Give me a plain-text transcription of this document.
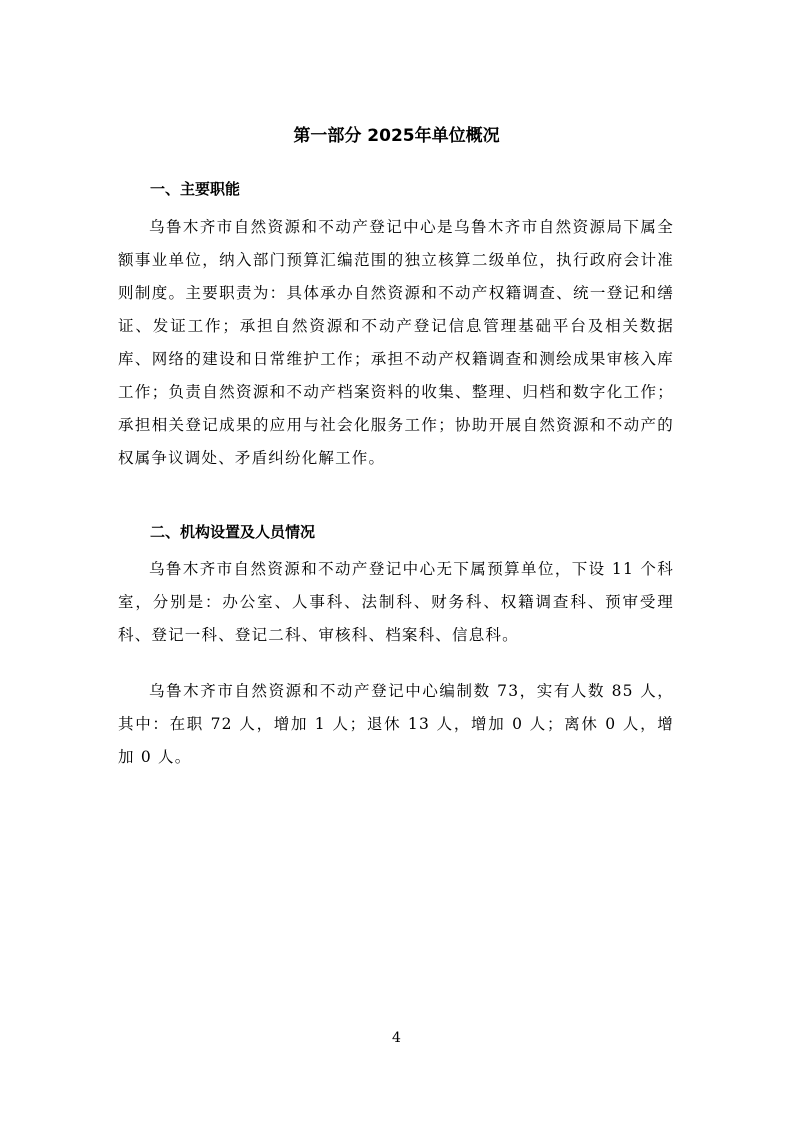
第一部分 2025年单位概况
一、主要职能

乌鲁木齐市自然资源和不动产登记中心是乌鲁木齐市自然资源局下属全额事业单位，纳入部门预算汇编范围的独立核算二级单位，执行政府会计准则制度。主要职责为：具体承办自然资源和不动产权籍调查、统一登记和缮证、发证工作；承担自然资源和不动产登记信息管理基础平台及相关数据库、网络的建设和日常维护工作；承担不动产权籍调查和测绘成果审核入库工作；负责自然资源和不动产档案资料的收集、整理、归档和数字化工作；承担相关登记成果的应用与社会化服务工作；协助开展自然资源和不动产的权属争议调处、矛盾纠纷化解工作。

二、机构设置及人员情况

乌鲁木齐市自然资源和不动产登记中心无下属预算单位，下设 11 个科室，分别是：办公室、人事科、法制科、财务科、权籍调查科、预审受理科、登记一科、登记二科、审核科、档案科、信息科。

乌鲁木齐市自然资源和不动产登记中心编制数 73，实有人数 85 人，其中：在职 72 人，增加 1 人；退休 13 人，增加 0 人；离休 0 人，增加 0 人。

4
